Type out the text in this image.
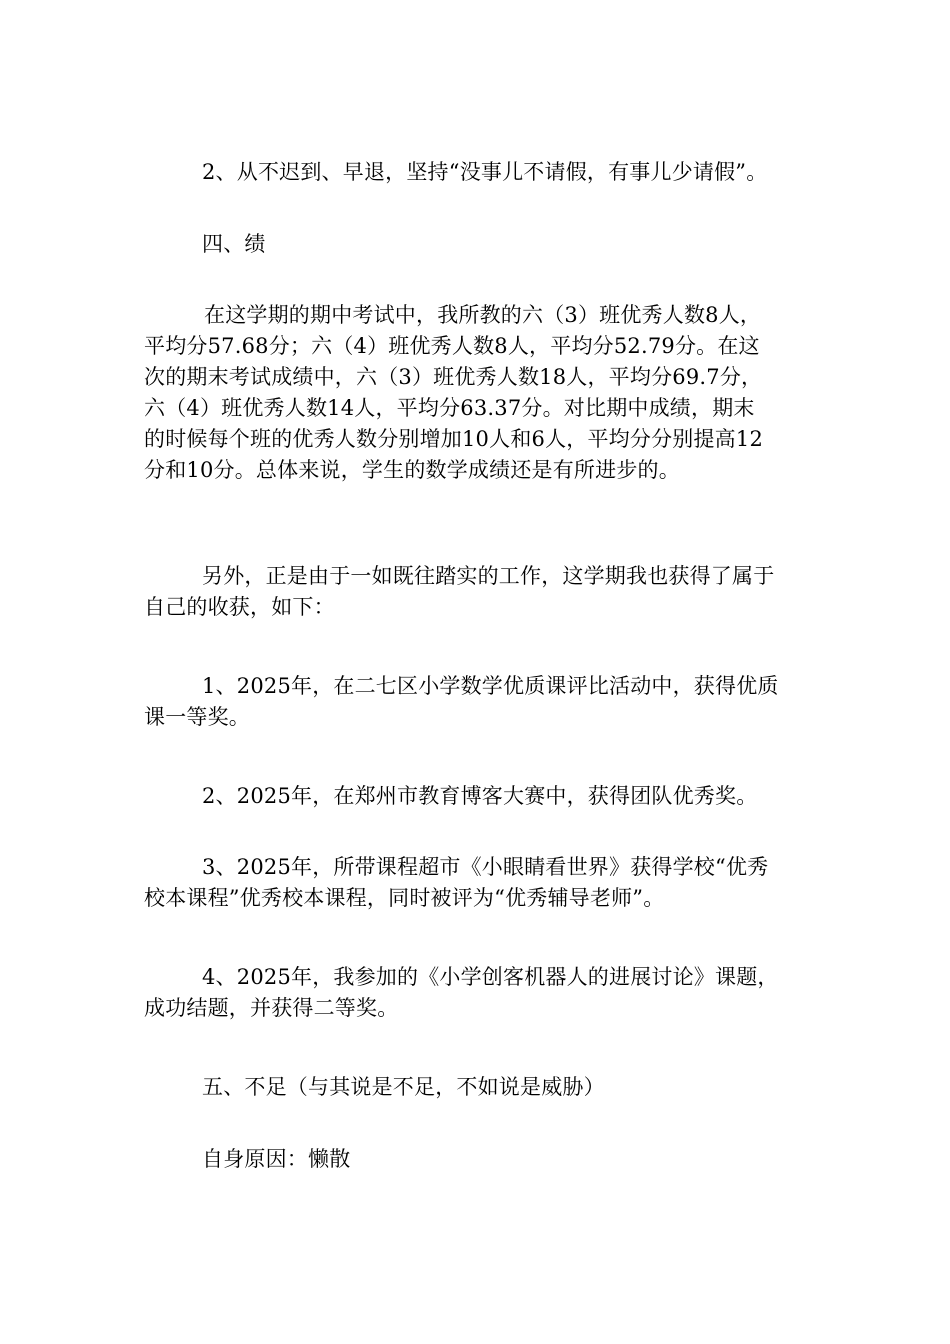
2、从不迟到、早退，坚持“没事儿不请假，有事儿少请假”。

四、绩

在这学期的期中考试中，我所教的六（3）班优秀人数8人，
平均分57.68分；六（4）班优秀人数8人，平均分52.79分。在这
次的期末考试成绩中，六（3）班优秀人数18人，平均分69.7分，
六（4）班优秀人数14人，平均分63.37分。对比期中成绩，期末
的时候每个班的优秀人数分别增加10人和6人，平均分分别提高12
分和10分。总体来说，学生的数学成绩还是有所进步的。

另外，正是由于一如既往踏实的工作，这学期我也获得了属于
自己的收获，如下：

1、2025年，在二七区小学数学优质课评比活动中，获得优质
课一等奖。

2、2025年，在郑州市教育博客大赛中，获得团队优秀奖。

3、2025年，所带课程超市《小眼睛看世界》获得学校“优秀
校本课程”优秀校本课程，同时被评为“优秀辅导老师”。

4、2025年，我参加的《小学创客机器人的进展讨论》课题，
成功结题，并获得二等奖。

五、不足（与其说是不足，不如说是威胁）

自身原因：懒散
